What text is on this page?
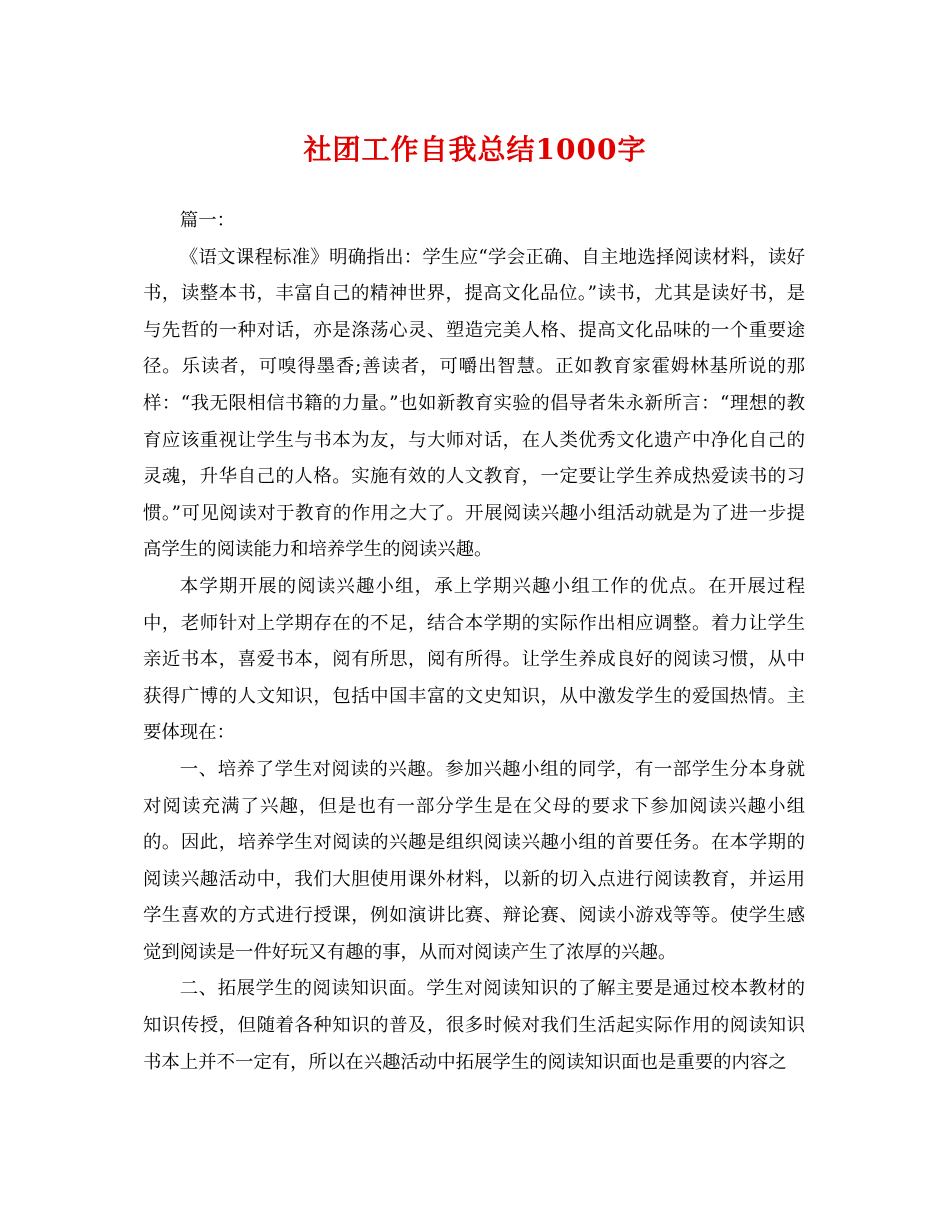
社团工作自我总结1000字

篇一：

《语文课程标准》明确指出：学生应“学会正确、自主地选择阅读材料，读好书，读整本书，丰富自己的精神世界，提高文化品位。”读书，尤其是读好书，是与先哲的一种对话，亦是涤荡心灵、塑造完美人格、提高文化品味的一个重要途径。乐读者，可嗅得墨香;善读者，可嚼出智慧。正如教育家霍姆林基所说的那样：“我无限相信书籍的力量。”也如新教育实验的倡导者朱永新所言：“理想的教育应该重视让学生与书本为友，与大师对话，在人类优秀文化遗产中净化自己的灵魂，升华自己的人格。实施有效的人文教育，一定要让学生养成热爱读书的习惯。”可见阅读对于教育的作用之大了。开展阅读兴趣小组活动就是为了进一步提高学生的阅读能力和培养学生的阅读兴趣。

本学期开展的阅读兴趣小组，承上学期兴趣小组工作的优点。在开展过程中，老师针对上学期存在的不足，结合本学期的实际作出相应调整。着力让学生亲近书本，喜爱书本，阅有所思，阅有所得。让学生养成良好的阅读习惯，从中获得广博的人文知识，包括中国丰富的文史知识，从中激发学生的爱国热情。主要体现在：

一、培养了学生对阅读的兴趣。参加兴趣小组的同学，有一部学生分本身就对阅读充满了兴趣，但是也有一部分学生是在父母的要求下参加阅读兴趣小组的。因此，培养学生对阅读的兴趣是组织阅读兴趣小组的首要任务。在本学期的阅读兴趣活动中，我们大胆使用课外材料，以新的切入点进行阅读教育，并运用学生喜欢的方式进行授课，例如演讲比赛、辩论赛、阅读小游戏等等。使学生感觉到阅读是一件好玩又有趣的事，从而对阅读产生了浓厚的兴趣。

二、拓展学生的阅读知识面。学生对阅读知识的了解主要是通过校本教材的知识传授，但随着各种知识的普及，很多时候对我们生活起实际作用的阅读知识书本上并不一定有，所以在兴趣活动中拓展学生的阅读知识面也是重要的内容之
